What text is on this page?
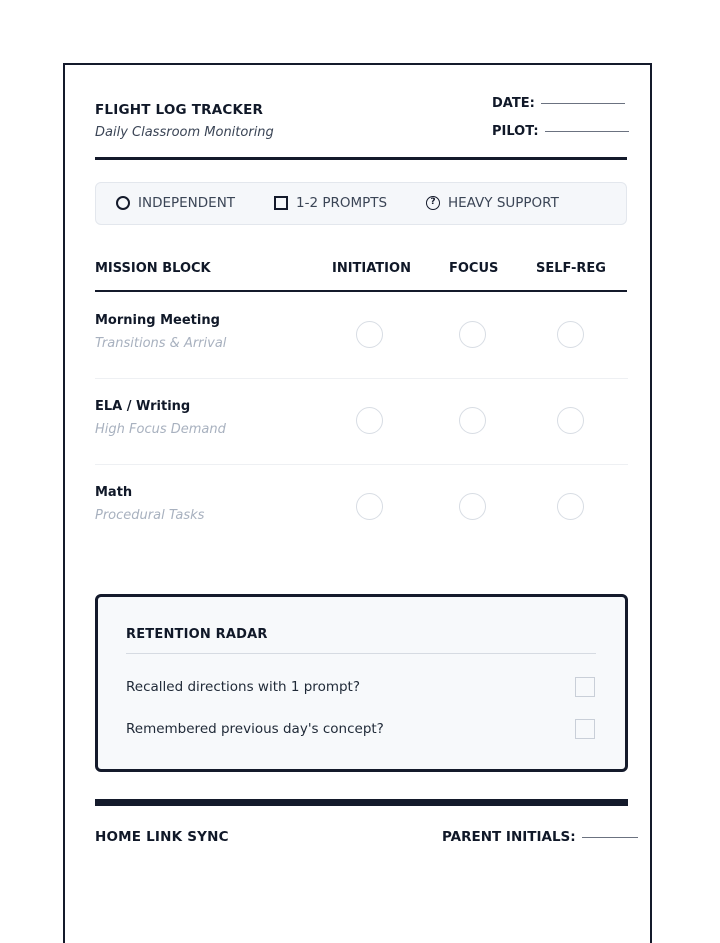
FLIGHT LOG TRACKER
Daily Classroom Monitoring
DATE:
PILOT:
INDEPENDENT	1-2 PROMPTS	? HEAVY SUPPORT
MISSION BLOCK	INITIATION	FOCUS	SELF-REG
Morning Meeting
Transitions & Arrival
ELA / Writing
High Focus Demand
Math
Procedural Tasks
RETENTION RADAR
Recalled directions with 1 prompt?
Remembered previous day's concept?
HOME LINK SYNC	PARENT INITIALS:
